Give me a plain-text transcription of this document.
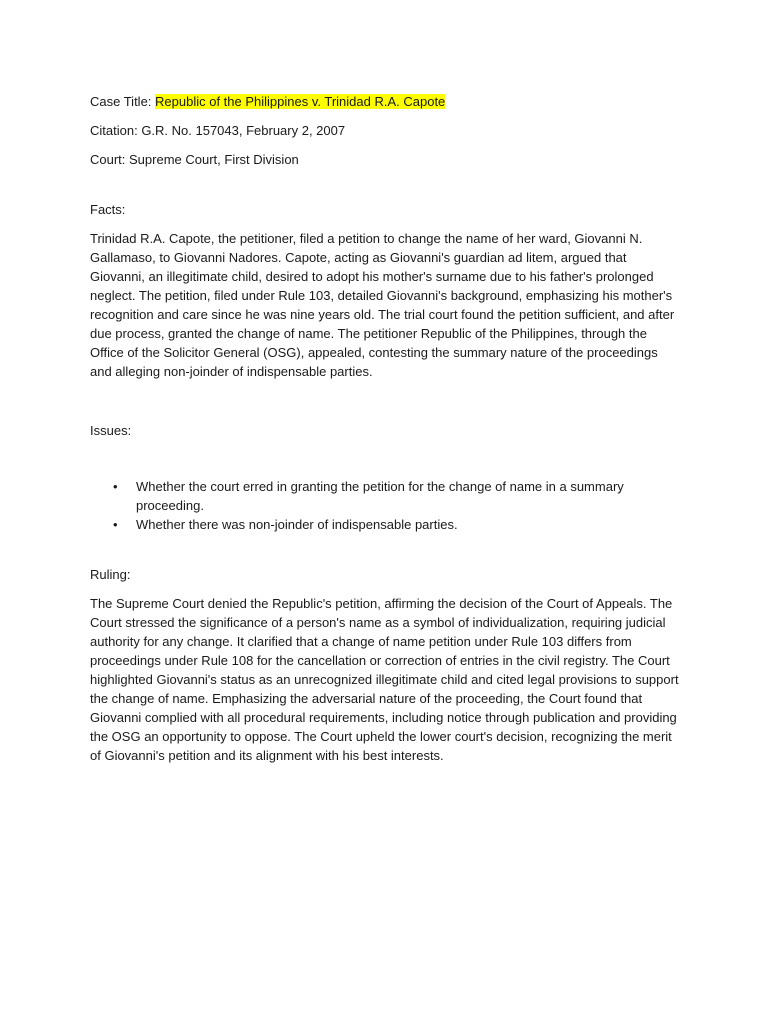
Case Title: Republic of the Philippines v. Trinidad R.A. Capote

Citation: G.R. No. 157043, February 2, 2007

Court: Supreme Court, First Division

Facts:

Trinidad R.A. Capote, the petitioner, filed a petition to change the name of her ward, Giovanni N. Gallamaso, to Giovanni Nadores. Capote, acting as Giovanni's guardian ad litem, argued that Giovanni, an illegitimate child, desired to adopt his mother's surname due to his father's prolonged neglect. The petition, filed under Rule 103, detailed Giovanni's background, emphasizing his mother's recognition and care since he was nine years old. The trial court found the petition sufficient, and after due process, granted the change of name. The petitioner Republic of the Philippines, through the Office of the Solicitor General (OSG), appealed, contesting the summary nature of the proceedings and alleging non-joinder of indispensable parties.

Issues:

• Whether the court erred in granting the petition for the change of name in a summary proceeding.
• Whether there was non-joinder of indispensable parties.

Ruling:

The Supreme Court denied the Republic's petition, affirming the decision of the Court of Appeals. The Court stressed the significance of a person's name as a symbol of individualization, requiring judicial authority for any change. It clarified that a change of name petition under Rule 103 differs from proceedings under Rule 108 for the cancellation or correction of entries in the civil registry. The Court highlighted Giovanni's status as an unrecognized illegitimate child and cited legal provisions to support the change of name. Emphasizing the adversarial nature of the proceeding, the Court found that Giovanni complied with all procedural requirements, including notice through publication and providing the OSG an opportunity to oppose. The Court upheld the lower court's decision, recognizing the merit of Giovanni's petition and its alignment with his best interests.
